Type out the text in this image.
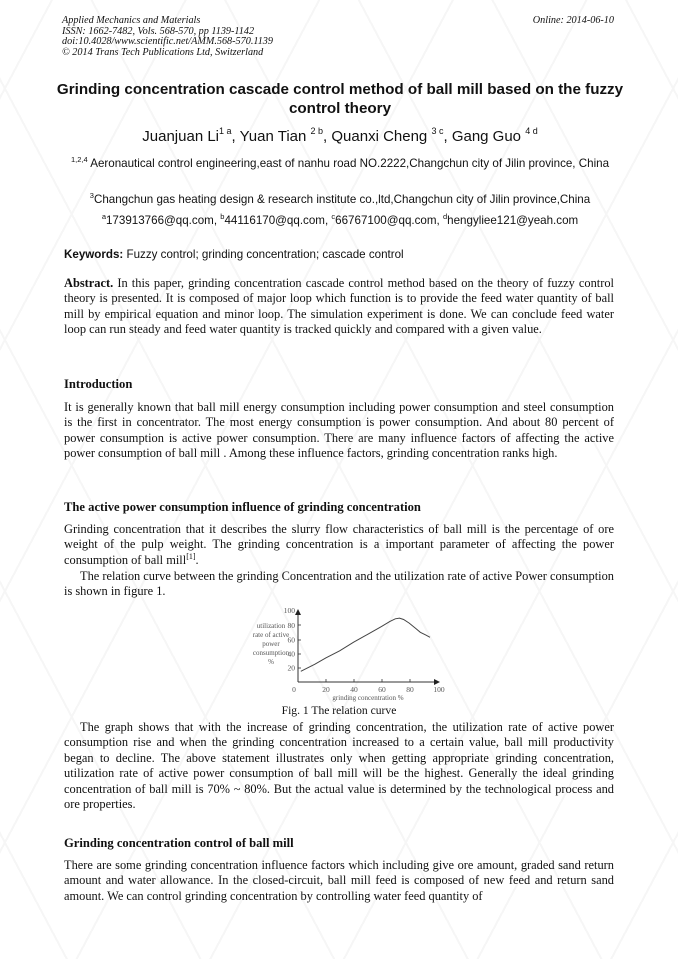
Applied Mechanics and Materials
ISSN: 1662-7482, Vols. 568-570, pp 1139-1142
doi:10.4028/www.scientific.net/AMM.568-570.1139
© 2014 Trans Tech Publications Ltd, Switzerland
Online: 2014-06-10
Grinding concentration cascade control method of ball mill based on the fuzzy control theory
Juanjuan $Li^{1 a}$, Yuan Tian $^{2 b}$, Quanxi Cheng $^{3 c}$, Gang Guo $^{4 d}$
$^{1,2,4}$ Aeronautical control engineering,east of nanhu road NO.2222,Changchun city of Jilin province, China
$^3$Changchun gas heating design & research institute co.,ltd,Changchun city of Jilin province,China
$^a$173913766@qq.com, $^b$44116170@qq.com, $^c$66767100@qq.com, $^d$hengyliee121@yeah.com
Keywords: Fuzzy control; grinding concentration; cascade control

Abstract. In this paper, grinding concentration cascade control method based on the theory of fuzzy control theory is presented. It is composed of major loop which function is to provide the feed water quantity of ball mill by empirical equation and minor loop. The simulation experiment is done. We can conclude feed water loop can run steady and feed water quantity is tracked quickly and compared with a given value.

Introduction

It is generally known that ball mill energy consumption including power consumption and steel consumption is the first in concentrator. The most energy consumption is power consumption. And about 80 percent of power consumption is active power consumption. There are many influence factors of affecting the active power consumption of ball mill . Among these influence factors, grinding concentration ranks high.

The active power consumption influence of grinding concentration

Grinding concentration that it describes the slurry flow characteristics of ball mill is the percentage of ore weight of the pulp weight. The grinding concentration is a important parameter of affecting the power consumption of ball mill[1].

The relation curve between the grinding Concentration and the utilization rate of active Power consumption is shown in figure 1.

utilization
rate of active
power
consumption
%
20
40
60
80
100
0	20	40	60	80	100
grinding concentration %
Fig. 1 The relation curve

The graph shows that with the increase of grinding concentration, the utilization rate of active power consumption rise and when the grinding concentration increased to a certain value, ball mill productivity began to decline. The above statement illustrates only when getting appropriate grinding concentration, utilization rate of active power consumption of ball mill will be the highest. Generally the ideal grinding concentration of ball mill is 70% ~ 80%. But the actual value is determined by the technological process and ore properties.

Grinding concentration control of ball mill

There are some grinding concentration influence factors which including give ore amount, graded sand return amount and water allowance. In the closed-circuit, ball mill feed is composed of new feed and return sand amount. We can control grinding concentration by controlling water feed quantity of
